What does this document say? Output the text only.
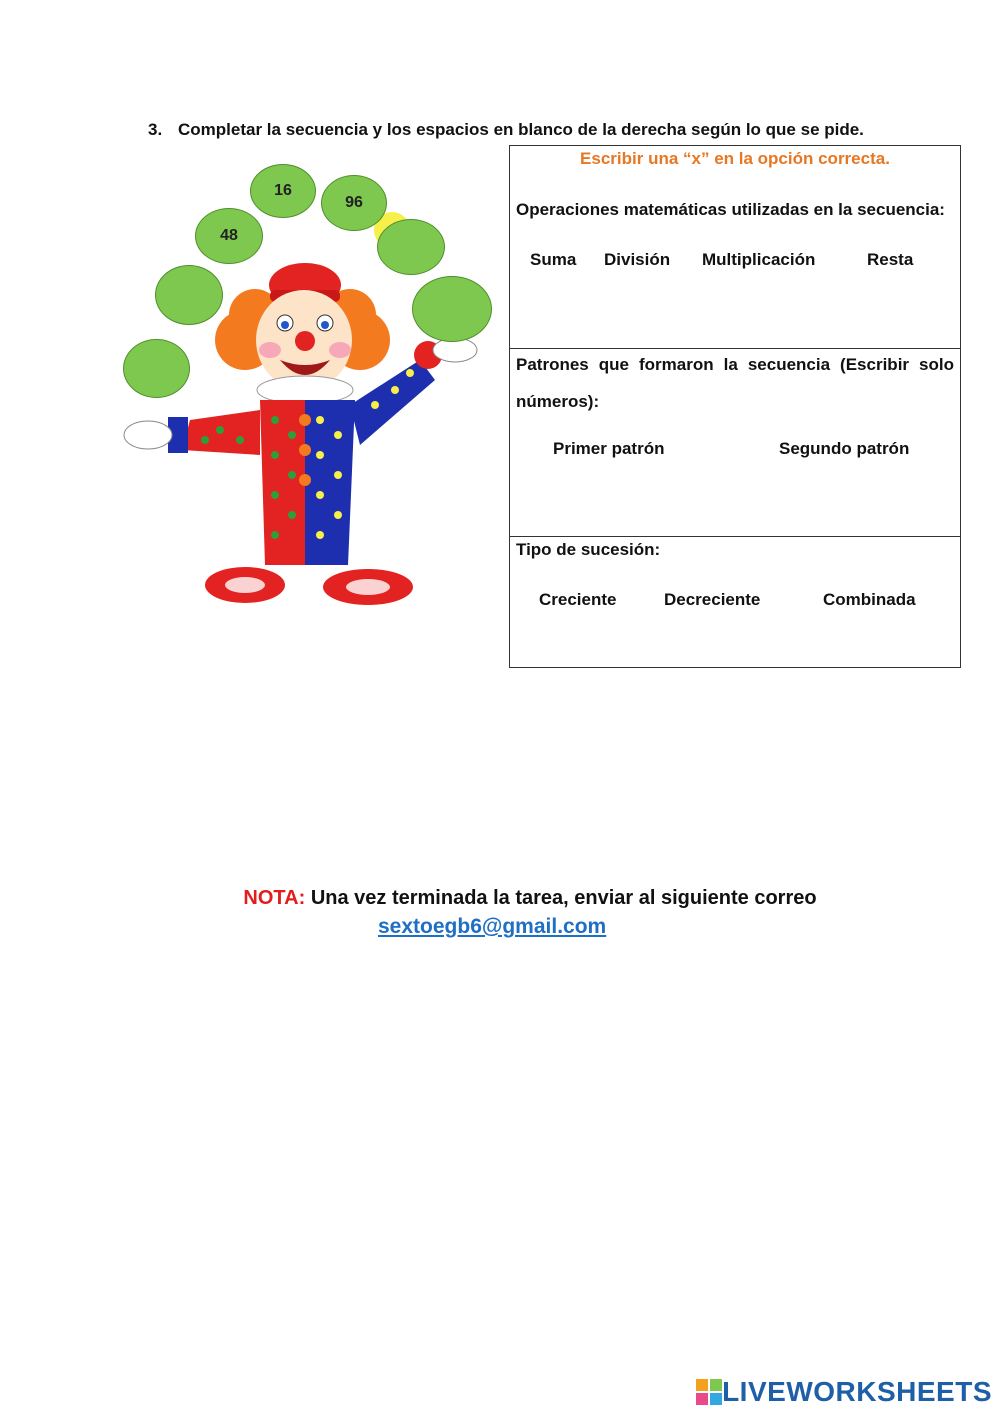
3. Completar la secuencia y los espacios en blanco de la derecha según lo que se pide.
16
96
48
Escribir una “x” en la opción correcta.
Operaciones matemáticas utilizadas en la secuencia:
Suma División Multiplicación	Resta
Patrones que formaron la secuencia (Escribir solo números):
Primer patrón	Segundo patrón
Tipo de sucesión:
Creciente	Decreciente	Combinada
NOTA: Una vez terminada la tarea, enviar al siguiente correo
sextoegb6@gmail.com
LIVEWORKSHEETS
